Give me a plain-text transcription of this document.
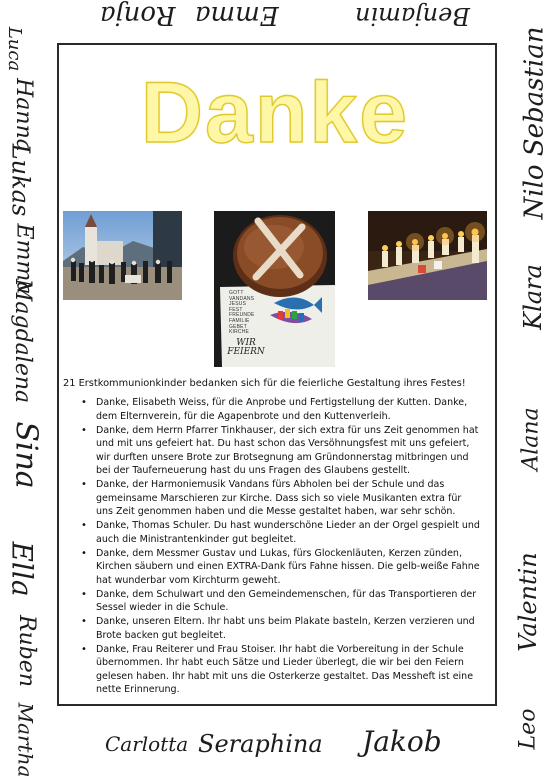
Ronja Emma	Benjamin
Luca
Hanna
Lukas
Emma
Magdalena
Sina
Ella
Ruben
Martha
Nilo Sebastian
Klara
Alana
Valentin
Leo
Carlotta Seraphina Jakob
Danke
GOTT
VANDANS
JESUS
FEST
FREUNDE
FAMILIE
GEBET
KIRCHE
WIR
FEIERN
21 Erstkommunionkinder bedanken sich für die feierliche Gestaltung ihres Festes!
• Danke, Elisabeth Weiss, für die Anprobe und Fertigstellung der Kutten. Danke, dem Elternverein, für die Agapenbrote und den Kuttenverleih.
• Danke, dem Herrn Pfarrer Tinkhauser, der sich extra für uns Zeit genommen hat und mit uns gefeiert hat. Du hast schon das Versöhnungsfest mit uns gefeiert, wir durften unsere Brote zur Brotsegnung am Gründonnerstag mitbringen und bei der Tauferneuerung hast du uns Fragen des Glaubens gestellt.
• Danke, der Harmoniemusik Vandans fürs Abholen bei der Schule und das gemeinsame Marschieren zur Kirche. Dass sich so viele Musikanten extra für uns Zeit genommen haben und die Messe gestaltet haben, war sehr schön.
• Danke, Thomas Schuler. Du hast wunderschöne Lieder an der Orgel gespielt und auch die Ministrantenkinder gut begleitet.
• Danke, dem Messmer Gustav und Lukas, fürs Glockenläuten, Kerzen zünden, Kirchen säubern und einen EXTRA-Dank fürs Fahne hissen. Die gelb-weiße Fahne hat wunderbar vom Kirchturm geweht.
• Danke, dem Schulwart und den Gemeindemenschen, für das Transportieren der Sessel wieder in die Schule.
• Danke, unseren Eltern. Ihr habt uns beim Plakate basteln, Kerzen verzieren und Brote backen gut begleitet.
• Danke, Frau Reiterer und Frau Stoiser. Ihr habt die Vorbereitung in der Schule übernommen. Ihr habt euch Sätze und Lieder überlegt, die wir bei den Feiern gelesen haben. Ihr habt mit uns die Osterkerze gestaltet. Das Messheft ist eine nette Erinnerung.
